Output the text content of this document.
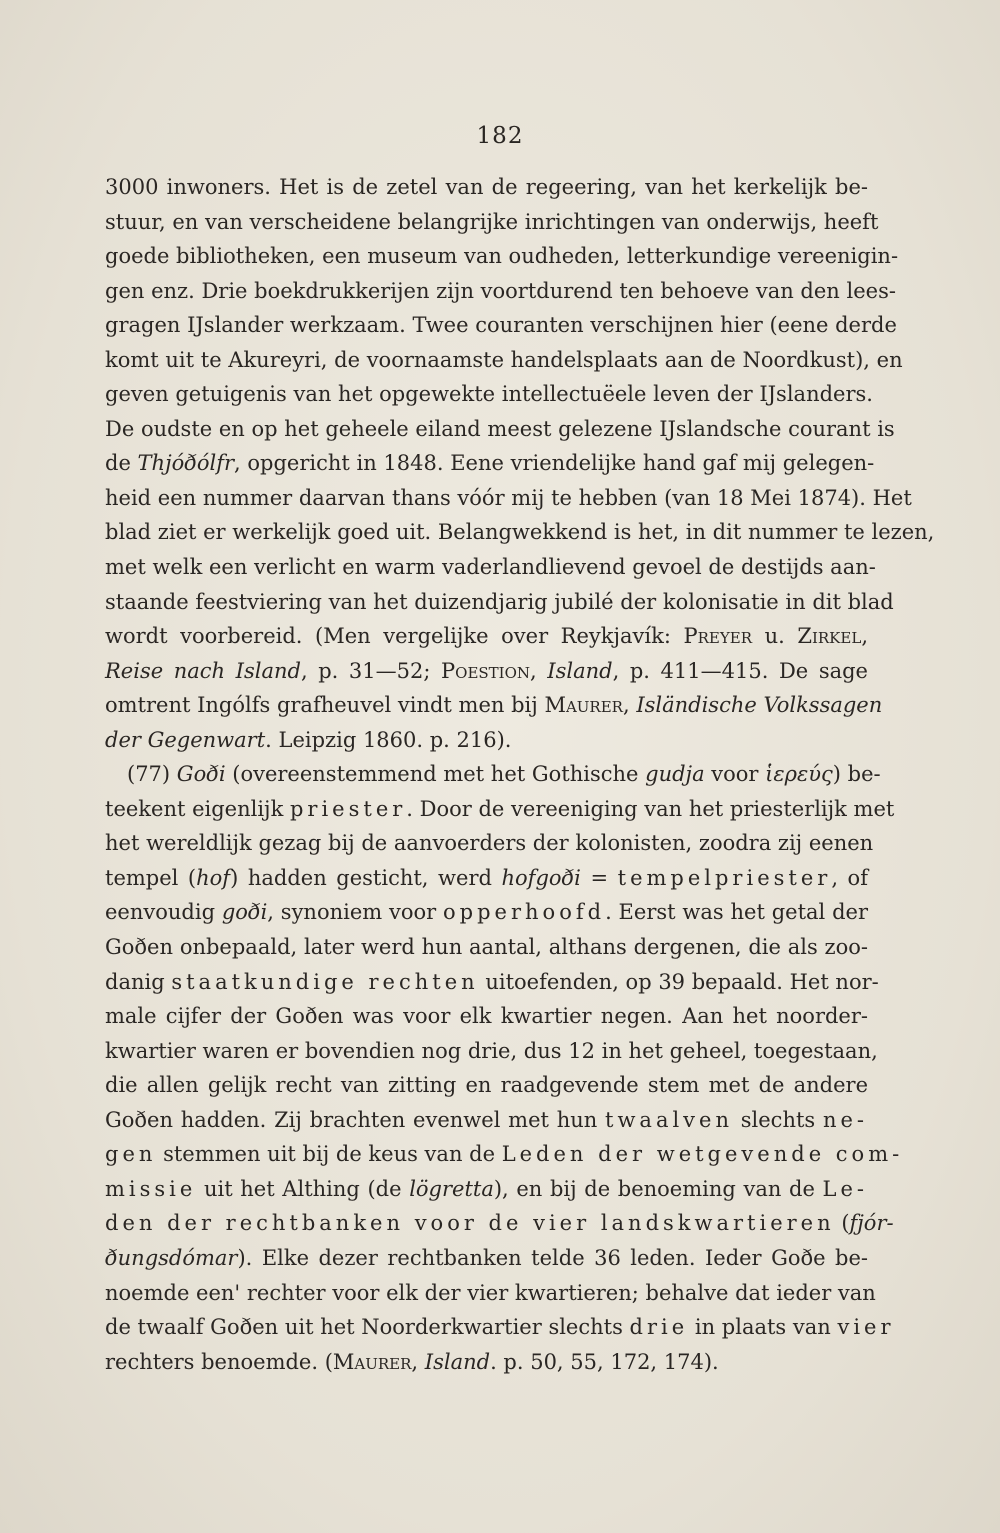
182
3000 inwoners. Het is de zetel van de regeering, van het kerkelijk be-
stuur, en van verscheidene belangrijke inrichtingen van onderwijs, heeft
goede bibliotheken, een museum van oudheden, letterkundige vereenigin-
gen enz. Drie boekdrukkerijen zijn voortdurend ten behoeve van den lees-
gragen IJslander werkzaam. Twee couranten verschijnen hier (eene derde
komt uit te Akureyri, de voornaamste handelsplaats aan de Noordkust), en
geven getuigenis van het opgewekte intellectuëele leven der IJslanders.
De oudste en op het geheele eiland meest gelezene IJslandsche courant is
de Thjóðólfr, opgericht in 1848. Eene vriendelijke hand gaf mij gelegen-
heid een nummer daarvan thans vóór mij te hebben (van 18 Mei 1874). Het
blad ziet er werkelijk goed uit. Belangwekkend is het, in dit nummer te lezen,
met welk een verlicht en warm vaderlandlievend gevoel de destijds aan-
staande feestviering van het duizendjarig jubilé der kolonisatie in dit blad
wordt voorbereid. (Men vergelijke over Reykjavík: Preyer u. Zirkel,
Reise nach Island, p. 31—52; Poestion, Island, p. 411—415. De sage
omtrent Ingólfs grafheuvel vindt men bij Maurer, Isländische Volkssagen
der Gegenwart. Leipzig 1860. p. 216).
(77) Goði (overeenstemmend met het Gothische gudja voor ἱερεύς) be-
teekent eigenlijk priester. Door de vereeniging van het priesterlijk met
het wereldlijk gezag bij de aanvoerders der kolonisten, zoodra zij eenen
tempel (hof) hadden gesticht, werd hofgoði = tempelpriester, of
eenvoudig goði, synoniem voor opperhoofd. Eerst was het getal der
Goðen onbepaald, later werd hun aantal, althans dergenen, die als zoo-
danig staatkundige rechten uitoefenden, op 39 bepaald. Het nor-
male cijfer der Goðen was voor elk kwartier negen. Aan het noorder-
kwartier waren er bovendien nog drie, dus 12 in het geheel, toegestaan,
die allen gelijk recht van zitting en raadgevende stem met de andere
Goðen hadden. Zij brachten evenwel met hun twaalven slechts ne-
gen stemmen uit bij de keus van de Leden der wetgevende com-
missie uit het Althing (de lögretta), en bij de benoeming van de Le-
den der rechtbanken voor de vier landskwartieren (fjór-
ðungsdómar). Elke dezer rechtbanken telde 36 leden. Ieder Goðe be-
noemde een' rechter voor elk der vier kwartieren; behalve dat ieder van
de twaalf Goðen uit het Noorderkwartier slechts drie in plaats van vier
rechters benoemde. (Maurer, Island. p. 50, 55, 172, 174).
